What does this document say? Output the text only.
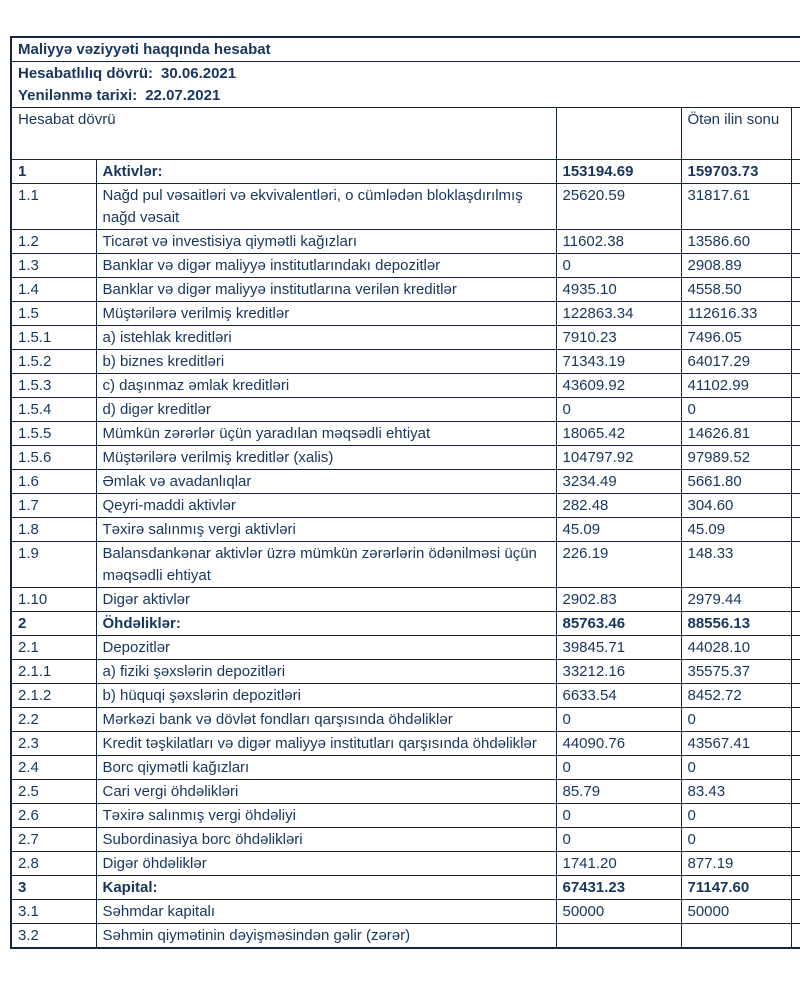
Maliyyə vəziyyəti haqqında hesabat				

Hesabatlılıq dövrü: 30.06.2021
Yenilənmə tarixi: 22.07.2021				

Hesabat dövrü			Ötən ilin sonu	
1	Aktivlər:	153194.69	159703.73	
1.1	Nağd pul vəsaitləri və ekvivalentləri, o cümlədən bloklaşdırılmış nağd vəsait	25620.59	31817.61	
1.2	Ticarət və investisiya qiymətli kağızları	11602.38	13586.60	
1.3	Banklar və digər maliyyə institutlarındakı depozitlər	0	2908.89	
1.4	Banklar və digər maliyyə institutlarına verilən kreditlər	4935.10	4558.50	
1.5	Müştərilərə verilmiş kreditlər	122863.34	112616.33	
1.5.1	a) istehlak kreditləri	7910.23	7496.05	
1.5.2	b) biznes kreditləri	71343.19	64017.29	
1.5.3	c) daşınmaz əmlak kreditləri	43609.92	41102.99	
1.5.4	d) digər kreditlər	0	0	
1.5.5	Mümkün zərərlər üçün yaradılan məqsədli ehtiyat	18065.42	14626.81	
1.5.6	Müştərilərə verilmiş kreditlər (xalis)	104797.92	97989.52	
1.6	Əmlak və avadanlıqlar	3234.49	5661.80	
1.7	Qeyri-maddi aktivlər	282.48	304.60	
1.8	Təxirə salınmış vergi aktivləri	45.09	45.09	
1.9	Balansdankənar aktivlər üzrə mümkün zərərlərin ödənilməsi üçün məqsədli ehtiyat	226.19	148.33	
1.10	Digər aktivlər	2902.83	2979.44	
2	Öhdəliklər:	85763.46	88556.13	
2.1	Depozitlər	39845.71	44028.10	
2.1.1	a) fiziki şəxslərin depozitləri	33212.16	35575.37	
2.1.2	b) hüquqi şəxslərin depozitləri	6633.54	8452.72	
2.2	Mərkəzi bank və dövlət fondları qarşısında öhdəliklər	0	0	
2.3	Kredit təşkilatları və digər maliyyə institutları qarşısında öhdəliklər	44090.76	43567.41	
2.4	Borc qiymətli kağızları	0	0	
2.5	Cari vergi öhdəlikləri	85.79	83.43	
2.6	Təxirə salınmış vergi öhdəliyi	0	0	
2.7	Subordinasiya borc öhdəlikləri	0	0	
2.8	Digər öhdəliklər	1741.20	877.19	
3	Kapital:	67431.23	71147.60	
3.1	Səhmdar kapitalı	50000	50000	
3.2	Səhmin qiymətinin dəyişməsindən gəlir (zərər)			
